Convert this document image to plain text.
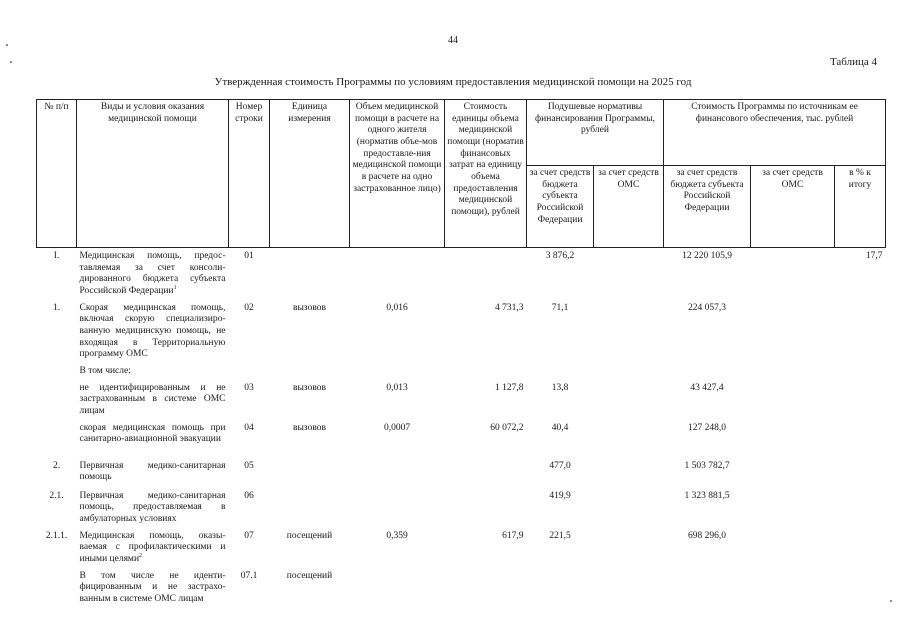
44
Таблица 4
Утвержденная стоимость Программы по условиям предоставления медицинской помощи на 2025 год
№ п/п	Виды и условия оказания медицинской помощи	Номер строки	Единица измерения	Объем медицинской помощи в расчете на одного жителя (норматив объе-мов предоставле-ния медицинской помощи в расчете на одно застрахованное лицо)	Стоимость единицы объема медицинской помощи (норматив финансовых затрат на единицу объема предоставления медицинской помощи), рублей	Подушевые нормативы финансирования Программы, рублей		Стоимость Программы по источникам ее финансового обеспечения, тыс. рублей		
						за счет средств бюджета субъекта Российской Федерации	за счет средств ОМС	за счет средств бюджета субъекта Российской Федерации	за счет средств ОМС	в % к итогу
I.	Медицинская помощь, предос-тавляемая за счет консоли-дированного бюджета субъекта Российской Федерации$^1$	01				3 876,2		12 220 105,9		17,7
1.	Скорая медицинская помощь, включая скорую специализиро-ванную медицинскую помощь, не входящая в Территориальную программу ОМС	02	вызовов	0,016	4 731,3	71,1		224 057,3		
	В том числе:									
	не идентифицированным и не застрахованным в системе ОМС лицам	03	вызовов	0,013	1 127,8	13,8		43 427,4		
	скорая медицинская помощь при санитарно-авиационной эвакуации	04	вызовов	0,0007	60 072,2	40,4		127 248,0		
2.	Первичная медико-санитарная помощь	05				477,0		1 503 782,7		
2.1.	Первичная медико-санитарная помощь, предоставляемая в амбулаторных условиях	06				419,9		1 323 881,5		
2.1.1.	Медицинская помощь, оказы-ваемая с профилактическими и иными целями$^2$	07	посещений	0,359	617,9	221,5		698 296,0		
	В том числе не иденти-фицированным и не застрахо-ванным в системе ОМС лицам	07.1	посещений							
